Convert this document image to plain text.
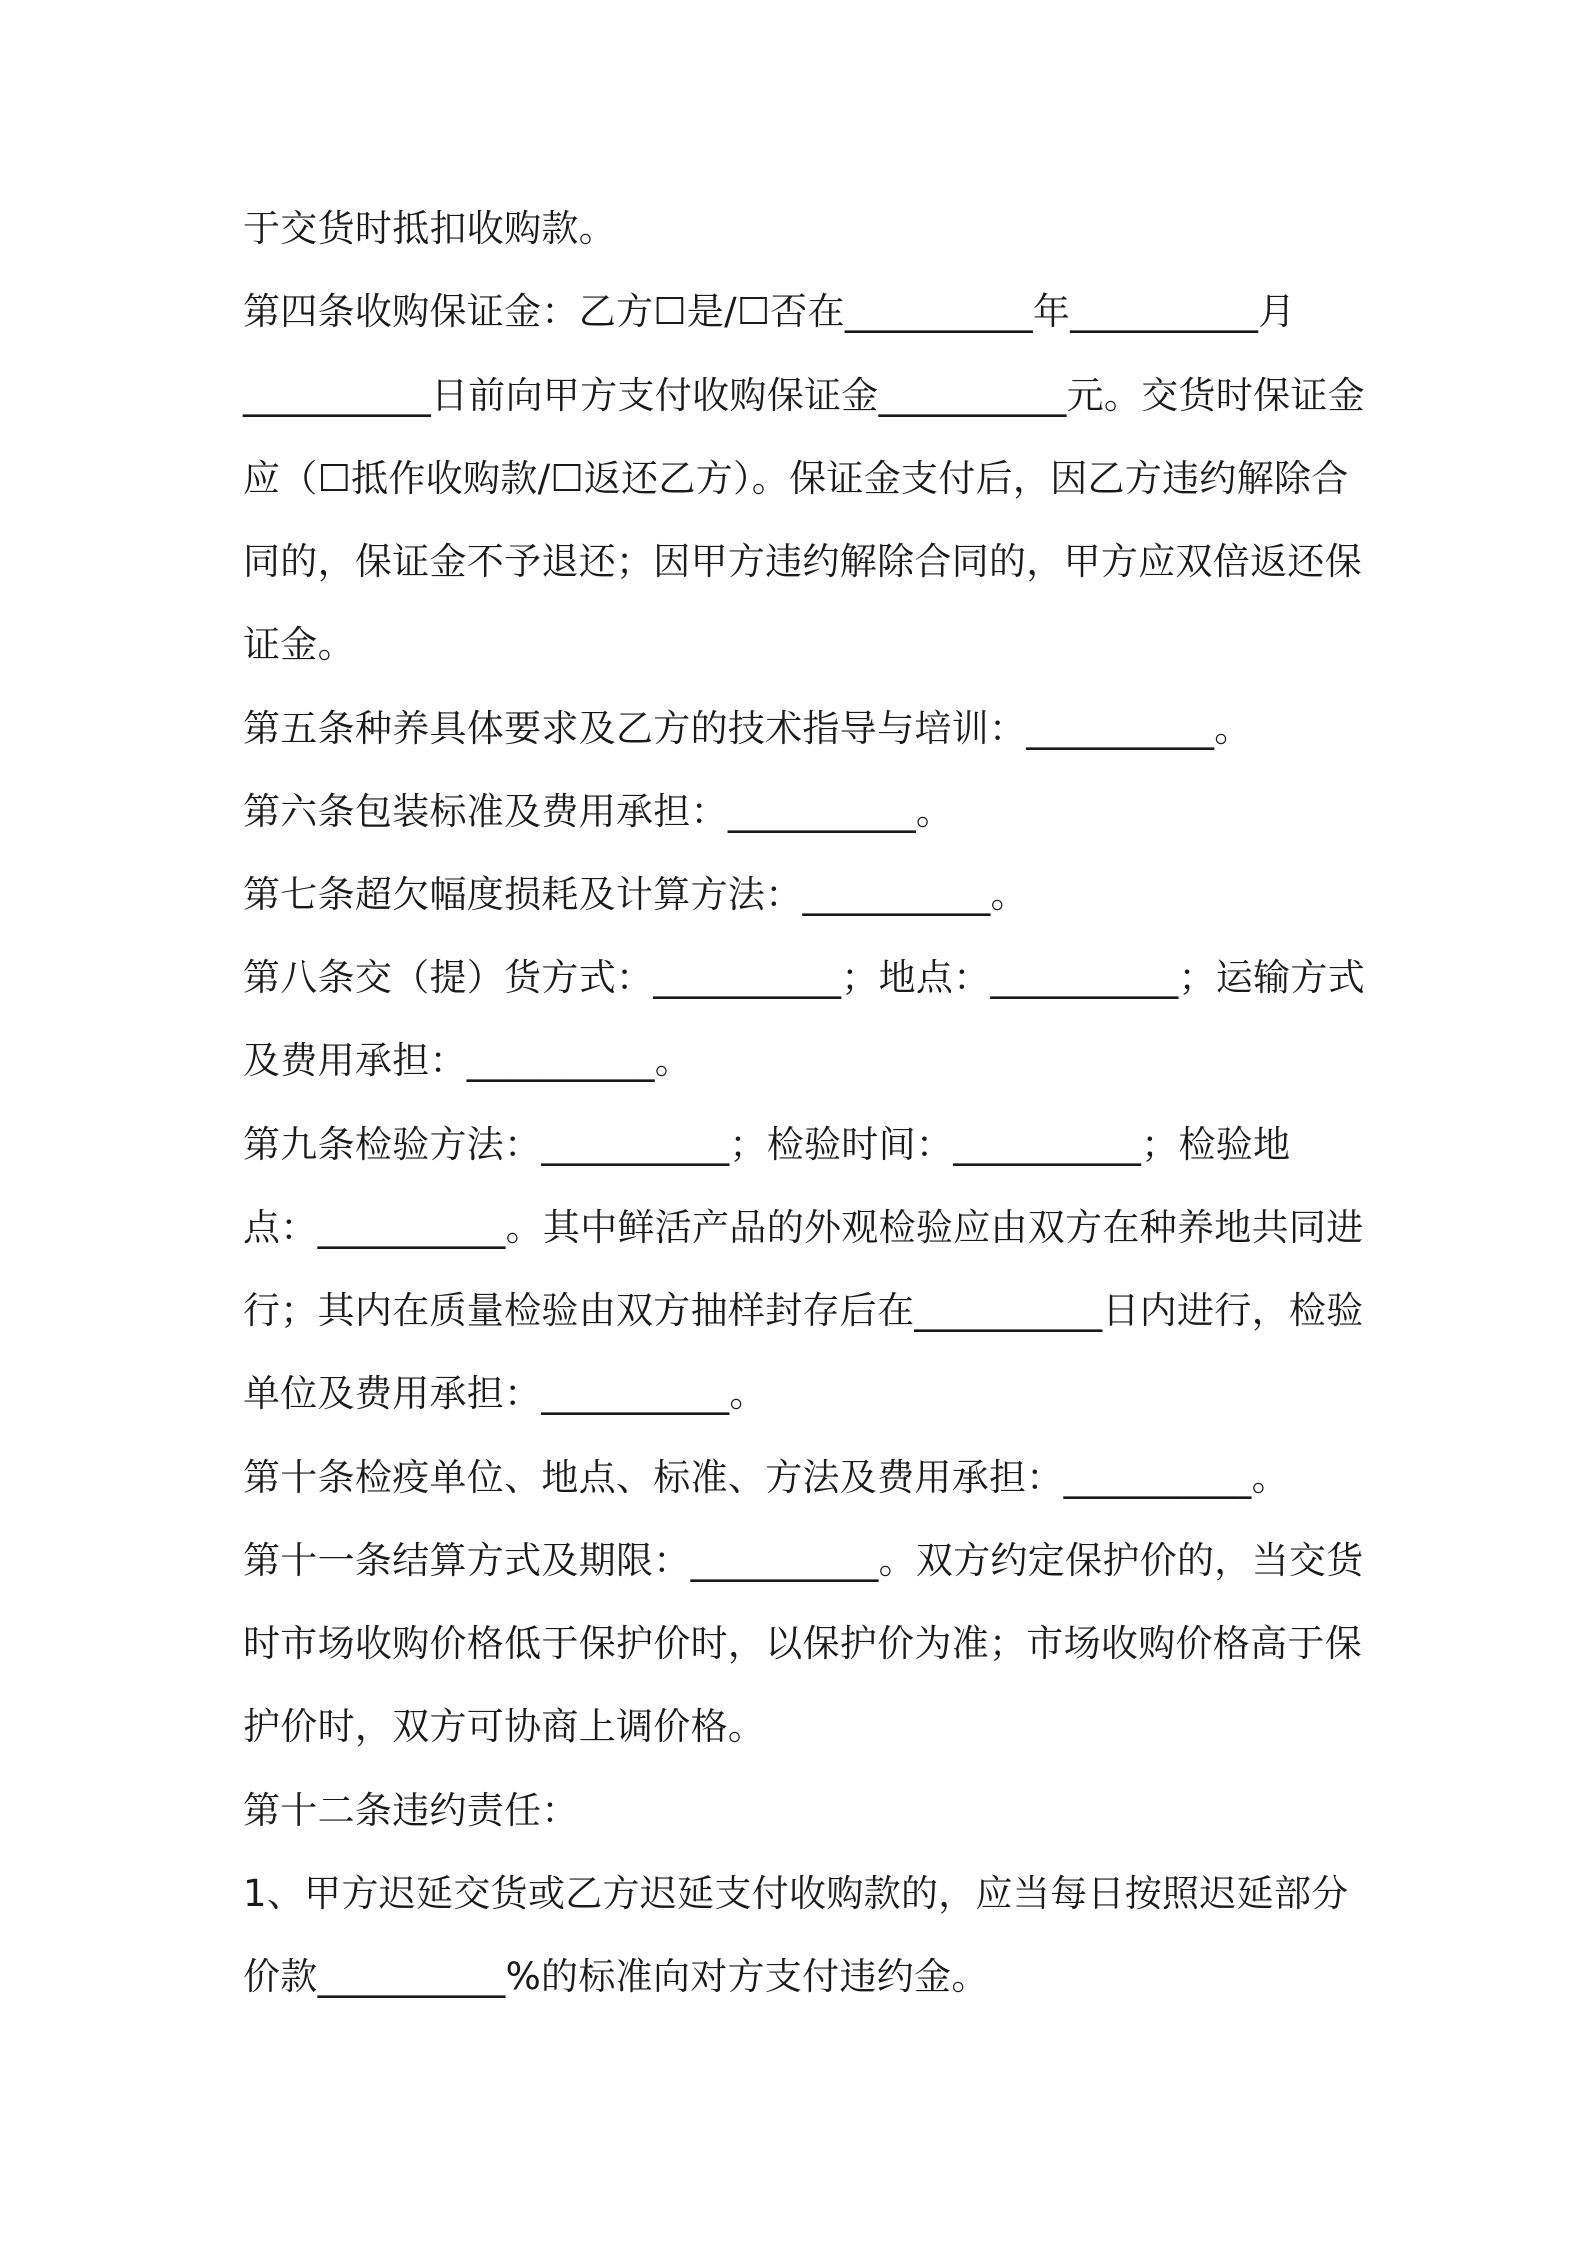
于交货时抵扣收购款。
第四条收购保证金：乙方☐是/☐否在__________年__________月
__________日前向甲方支付收购保证金__________元。交货时保证金
应（☐抵作收购款/☐返还乙方）。保证金支付后，因乙方违约解除合
同的，保证金不予退还；因甲方违约解除合同的，甲方应双倍返还保
证金。
第五条种养具体要求及乙方的技术指导与培训：__________。
第六条包装标准及费用承担：__________。
第七条超欠幅度损耗及计算方法：__________。
第八条交（提）货方式：__________；地点：__________；运输方式
及费用承担：__________。
第九条检验方法：__________；检验时间：__________；检验地
点：__________。其中鲜活产品的外观检验应由双方在种养地共同进
行；其内在质量检验由双方抽样封存后在__________日内进行，检验
单位及费用承担：__________。
第十条检疫单位、地点、标准、方法及费用承担：__________。
第十一条结算方式及期限：__________。双方约定保护价的，当交货
时市场收购价格低于保护价时，以保护价为准；市场收购价格高于保
护价时，双方可协商上调价格。
第十二条违约责任：
1、甲方迟延交货或乙方迟延支付收购款的，应当每日按照迟延部分
价款__________%的标准向对方支付违约金。
